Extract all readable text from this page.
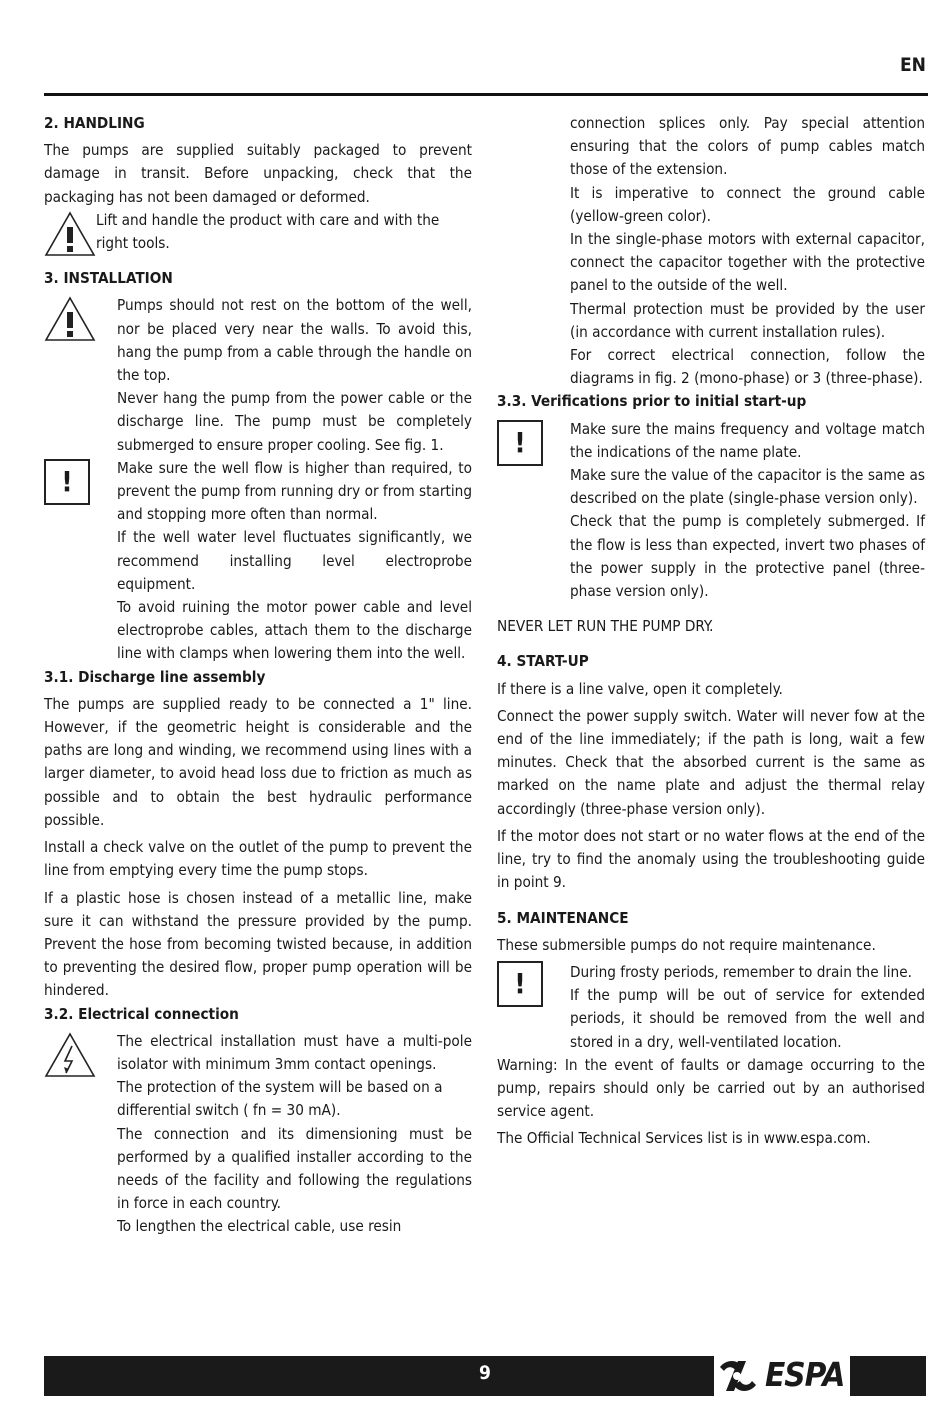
EN
2. HANDLING

The pumps are supplied suitably packaged to prevent damage in transit. Before unpacking, check that the packaging has not been damaged or deformed.

Lift and handle the product with care and with the right tools.

3. INSTALLATION

Pumps should not rest on the bottom of the well, nor be placed very near the walls. To avoid this, hang the pump from a cable through the handle on the top.

Never hang the pump from the power cable or the discharge line. The pump must be completely submerged to ensure proper cooling. See fig. 1.

!	Make sure the well flow is higher than required, to prevent the pump from running dry or from starting and stopping more often than normal.

If the well water level fluctuates significantly, we recommend installing level electroprobe equipment.

To avoid ruining the motor power cable and level electroprobe cables, attach them to the discharge line with clamps when lowering them into the well.

3.1. Discharge line assembly

The pumps are supplied ready to be connected a 1" line. However, if the geometric height is considerable and the paths are long and winding, we recommend using lines with a larger diameter, to avoid head loss due to friction as much as possible and to obtain the best hydraulic performance possible.

Install a check valve on the outlet of the pump to prevent the line from emptying every time the pump stops.

If a plastic hose is chosen instead of a metallic line, make sure it can withstand the pressure provided by the pump. Prevent the hose from becoming twisted because, in addition to preventing the desired flow, proper pump operation will be hindered.

3.2. Electrical connection

The electrical installation must have a multi-pole isolator with minimum 3mm contact openings.

The protection of the system will be based on a differential switch ( fn = 30 mA).

The connection and its dimensioning must be performed by a qualified installer according to the needs of the facility and following the regulations in force in each country.

To lengthen the electrical cable, use resin

connection splices only. Pay special attention ensuring that the colors of pump cables match those of the extension.

It is imperative to connect the ground cable (yellow-green color).

In the single-phase motors with external capacitor, connect the capacitor together with the protective panel to the outside of the well.

Thermal protection must be provided by the user (in accordance with current installation rules).

For correct electrical connection, follow the diagrams in fig. 2 (mono-phase) or 3 (three-phase).

3.3. Verifications prior to initial start-up
!	Make sure the mains frequency and voltage match the indications of the name plate.

Make sure the value of the capacitor is the same as described on the plate (single-phase version only).

Check that the pump is completely submerged. If the flow is less than expected, invert two phases of the power supply in the protective panel (three-phase version only).

NEVER LET RUN THE PUMP DRY.

4. START-UP

If there is a line valve, open it completely.

Connect the power supply switch. Water will never fow at the end of the line immediately; if the path is long, wait a few minutes. Check that the absorbed current is the same as marked on the name plate and adjust the thermal relay accordingly (three-phase version only).

If the motor does not start or no water flows at the end of the line, try to find the anomaly using the troubleshooting guide in point 9.

5. MAINTENANCE

These submersible pumps do not require maintenance.

!	During frosty periods, remember to drain the line.

If the pump will be out of service for extended periods, it should be removed from the well and stored in a dry, well-ventilated location.

Warning: In the event of faults or damage occurring to the pump, repairs should only be carried out by an authorised service agent.

The Official Technical Services list is in www.espa.com.

9	ESPA
